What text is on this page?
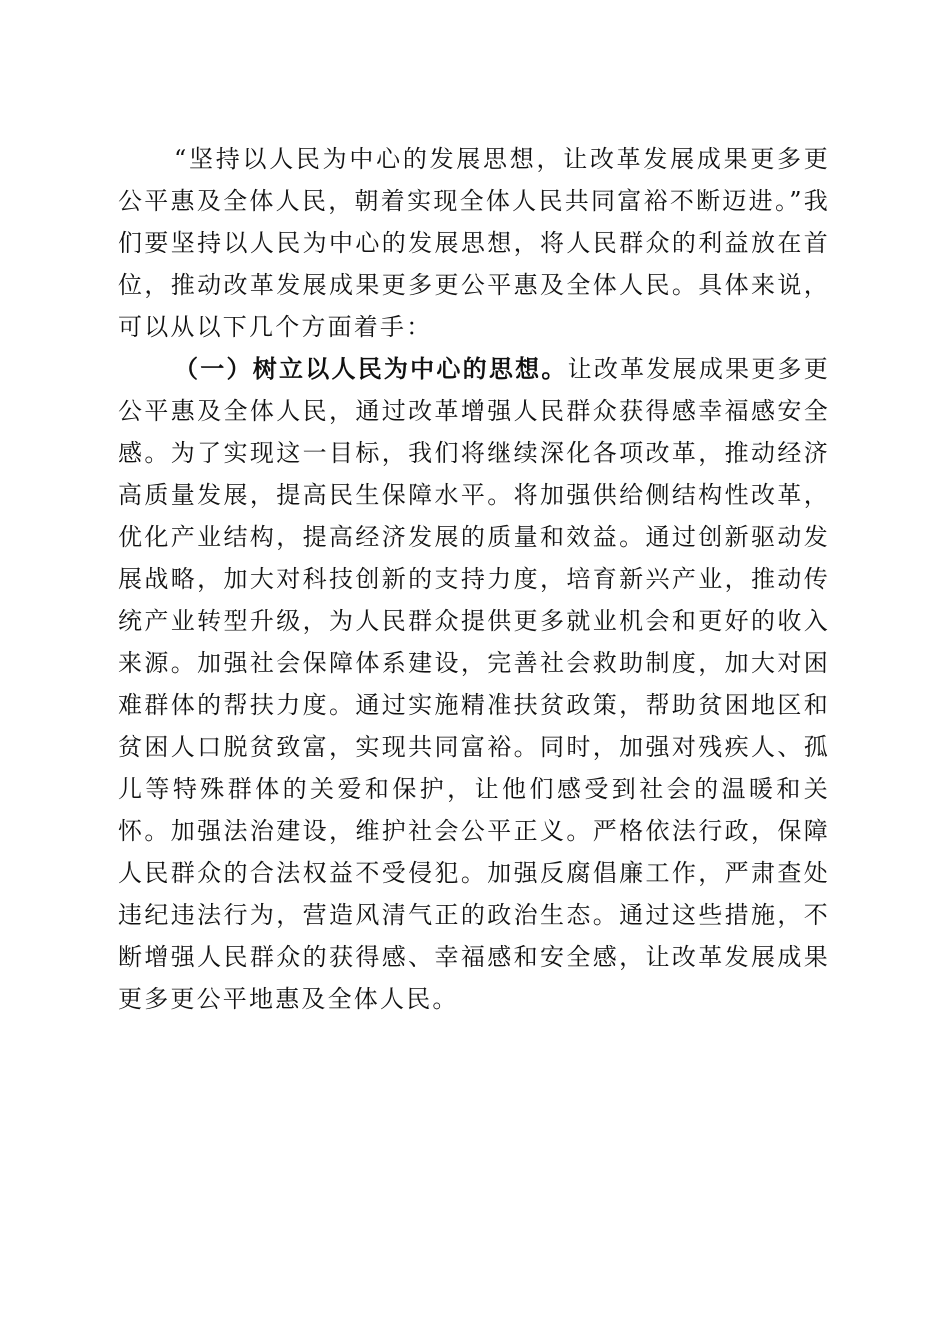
“坚持以人民为中心的发展思想，让改革发展成果更多更公平惠及全体人民，朝着实现全体人民共同富裕不断迈进。”我们要坚持以人民为中心的发展思想，将人民群众的利益放在首位，推动改革发展成果更多更公平惠及全体人民。具体来说，可以从以下几个方面着手：

（一）树立以人民为中心的思想。让改革发展成果更多更公平惠及全体人民，通过改革增强人民群众获得感幸福感安全感。为了实现这一目标，我们将继续深化各项改革，推动经济高质量发展，提高民生保障水平。将加强供给侧结构性改革，优化产业结构，提高经济发展的质量和效益。通过创新驱动发展战略，加大对科技创新的支持力度，培育新兴产业，推动传统产业转型升级，为人民群众提供更多就业机会和更好的收入来源。加强社会保障体系建设，完善社会救助制度，加大对困难群体的帮扶力度。通过实施精准扶贫政策，帮助贫困地区和贫困人口脱贫致富，实现共同富裕。同时，加强对残疾人、孤儿等特殊群体的关爱和保护，让他们感受到社会的温暖和关怀。加强法治建设，维护社会公平正义。严格依法行政，保障人民群众的合法权益不受侵犯。加强反腐倡廉工作，严肃查处违纪违法行为，营造风清气正的政治生态。通过这些措施，不断增强人民群众的获得感、幸福感和安全感，让改革发展成果更多更公平地惠及全体人民。
